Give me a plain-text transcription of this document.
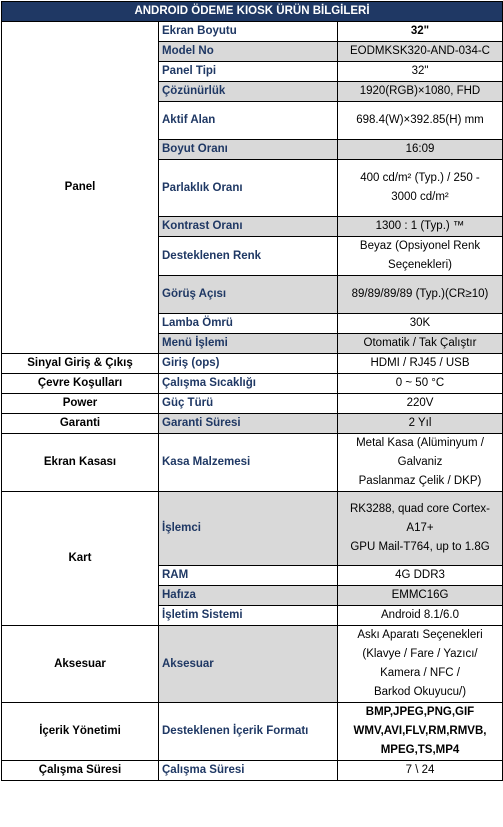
ANDROID ÖDEME KIOSK ÜRÜN BİLGİLERİ		
Panel	Ekran Boyutu	32"
	Model No	EODMKSK320-AND-034-C
	Panel Tipi	32"
	Çözünürlük	1920(RGB)×1080, FHD
	Aktif Alan	698.4(W)×392.85(H) mm
	Boyut Oranı	16:09
	Parlaklık Oranı	400 cd/m² (Typ.) / 250 -
3000 cd/m²

	Kontrast Oranı	1300 : 1 (Typ.) ™
	Desteklenen Renk	Beyaz (Opsiyonel Renk
Seçenekleri)

	Görüş Açısı	89/89/89/89 (Typ.)(CR≥10)
	Lamba Ömrü	30K
	Menü İşlemi	Otomatik / Tak Çalıştır
Sinyal Giriş & Çıkış	Giriş (ops)	HDMI / RJ45 / USB
Çevre Koşulları	Çalışma Sıcaklığı	0 ~ 50 °C
Power	Güç Türü	220V
Garanti	Garanti Süresi	2 Yıl
Ekran Kasası	Kasa Malzemesi	Metal Kasa (Alüminyum /
Galvaniz
Paslanmaz Çelik / DKP)

Kart	İşlemci	RK3288, quad core Cortex-
A17+
GPU Mail-T764, up to 1.8G

	RAM	4G DDR3
	Hafıza	EMMC16G
	İşletim Sistemi	Android 8.1/6.0
Aksesuar	Aksesuar	Askı Aparatı Seçenekleri
(Klavye / Fare / Yazıcı/
Kamera / NFC /
Barkod Okuyucu/)

İçerik Yönetimi	Desteklenen İçerik Formatı	BMP,JPEG,PNG,GIF
WMV,AVI,FLV,RM,RMVB,
MPEG,TS,MP4

Çalışma Süresi	Çalışma Süresi	7 \ 24
